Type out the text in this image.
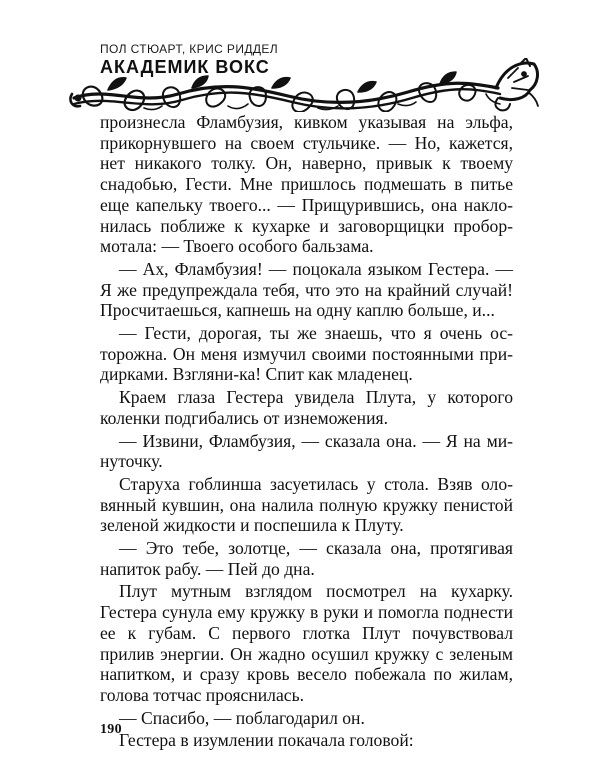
ПОЛ СТЮАРТ, КРИС РИДДЕЛ
АКАДЕМИК ВОКС

произнесла Фламбузия, кивком указывая на эльфа, прикорнувшего на своем стульчике. — Но, кажется, нет никакого толку. Он, наверно, привык к твоему снадобью, Гести. Мне пришлось подмешать в питье еще капельку твоего... — Прищурившись, она наклонилась поближе к кухарке и заговорщицки пробормотала: — Твоего особого бальзама.

— Ах, Фламбузия! — поцокала языком Гестера. — Я же предупреждала тебя, что это на крайний случай! Просчитаешься, капнешь на одну каплю больше, и...

— Гести, дорогая, ты же знаешь, что я очень осторожна. Он меня измучил своими постоянными придирками. Взгляни-ка! Спит как младенец.

Краем глаза Гестера увидела Плута, у которого коленки подгибались от изнеможения.

— Извини, Фламбузия, — сказала она. — Я на минуточку.

Старуха гоблинша засуетилась у стола. Взяв оловянный кувшин, она налила полную кружку пенистой зеленой жидкости и поспешила к Плуту.

— Это тебе, золотце, — сказала она, протягивая напиток рабу. — Пей до дна.

Плут мутным взглядом посмотрел на кухарку. Гестера сунула ему кружку в руки и помогла поднести ее к губам. С первого глотка Плут почувствовал прилив энергии. Он жадно осушил кружку с зеленым напитком, и сразу кровь весело побежала по жилам, голова тотчас прояснилась.

— Спасибо, — поблагодарил он.

Гестера в изумлении покачала головой:

190
